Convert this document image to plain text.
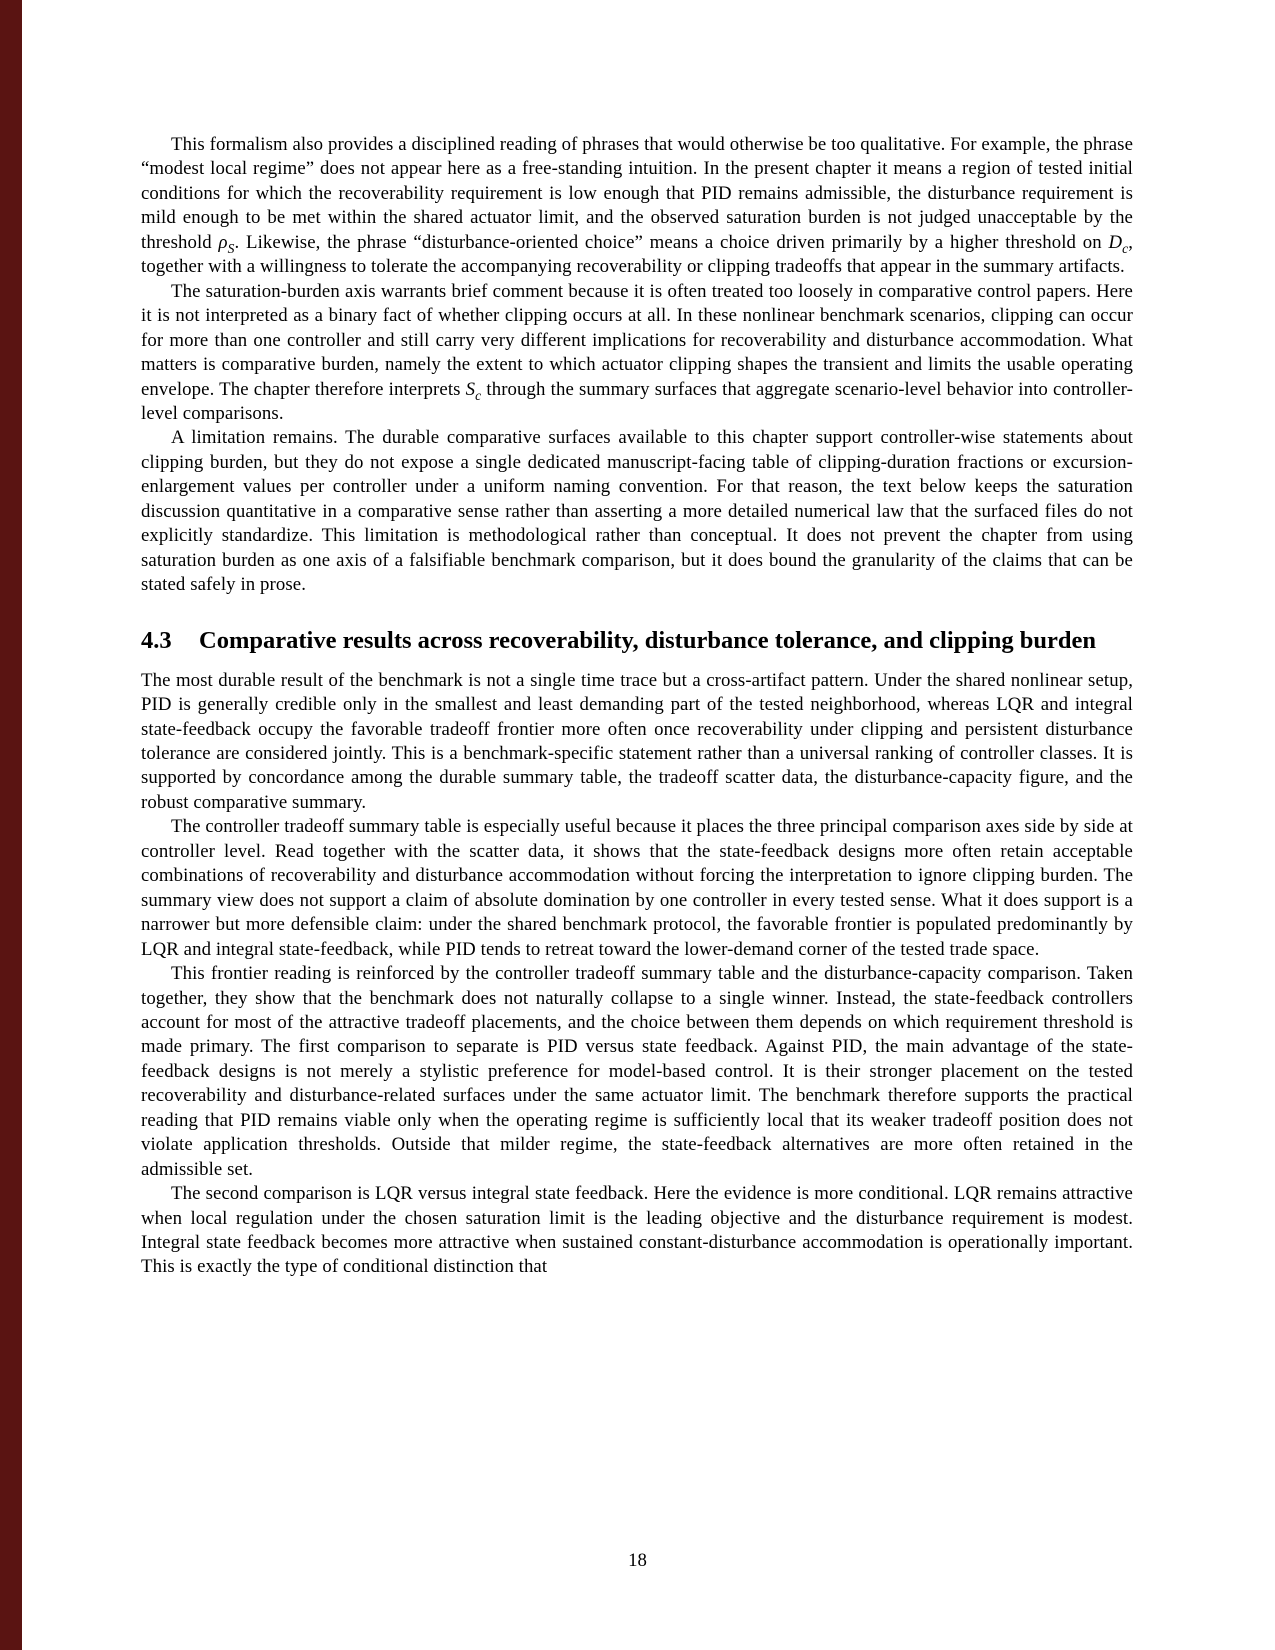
This formalism also provides a disciplined reading of phrases that would otherwise be too qualitative. For example, the phrase “modest local regime” does not appear here as a free-standing intuition. In the present chapter it means a region of tested initial conditions for which the recoverability requirement is low enough that PID remains admissible, the disturbance requirement is mild enough to be met within the shared actuator limit, and the observed saturation burden is not judged unacceptable by the threshold $\rho_S$. Likewise, the phrase “disturbance-oriented choice” means a choice driven primarily by a higher threshold on $D_c$, together with a willingness to tolerate the accompanying recoverability or clipping tradeoffs that appear in the summary artifacts.

The saturation-burden axis warrants brief comment because it is often treated too loosely in comparative control papers. Here it is not interpreted as a binary fact of whether clipping occurs at all. In these nonlinear benchmark scenarios, clipping can occur for more than one controller and still carry very different implications for recoverability and disturbance accommodation. What matters is comparative burden, namely the extent to which actuator clipping shapes the transient and limits the usable operating envelope. The chapter therefore interprets $S_c$ through the summary surfaces that aggregate scenario-level behavior into controller-level comparisons.

A limitation remains. The durable comparative surfaces available to this chapter support controller-wise statements about clipping burden, but they do not expose a single dedicated manuscript-facing table of clipping-duration fractions or excursion-enlargement values per controller under a uniform naming convention. For that reason, the text below keeps the saturation discussion quantitative in a comparative sense rather than asserting a more detailed numerical law that the surfaced files do not explicitly standardize. This limitation is methodological rather than conceptual. It does not prevent the chapter from using saturation burden as one axis of a falsifiable benchmark comparison, but it does bound the granularity of the claims that can be stated safely in prose.

4.3 Comparative results across recoverability, disturbance tolerance, and clipping burden

The most durable result of the benchmark is not a single time trace but a cross-artifact pattern. Under the shared nonlinear setup, PID is generally credible only in the smallest and least demanding part of the tested neighborhood, whereas LQR and integral state-feedback occupy the favorable tradeoff frontier more often once recoverability under clipping and persistent disturbance tolerance are considered jointly. This is a benchmark-specific statement rather than a universal ranking of controller classes. It is supported by concordance among the durable summary table, the tradeoff scatter data, the disturbance-capacity figure, and the robust comparative summary.

The controller tradeoff summary table is especially useful because it places the three principal comparison axes side by side at controller level. Read together with the scatter data, it shows that the state-feedback designs more often retain acceptable combinations of recoverability and disturbance accommodation without forcing the interpretation to ignore clipping burden. The summary view does not support a claim of absolute domination by one controller in every tested sense. What it does support is a narrower but more defensible claim: under the shared benchmark protocol, the favorable frontier is populated predominantly by LQR and integral state-feedback, while PID tends to retreat toward the lower-demand corner of the tested trade space.

This frontier reading is reinforced by the controller tradeoff summary table and the disturbance-capacity comparison. Taken together, they show that the benchmark does not naturally collapse to a single winner. Instead, the state-feedback controllers account for most of the attractive tradeoff placements, and the choice between them depends on which requirement threshold is made primary. The first comparison to separate is PID versus state feedback. Against PID, the main advantage of the state-feedback designs is not merely a stylistic preference for model-based control. It is their stronger placement on the tested recoverability and disturbance-related surfaces under the same actuator limit. The benchmark therefore supports the practical reading that PID remains viable only when the operating regime is sufficiently local that its weaker tradeoff position does not violate application thresholds. Outside that milder regime, the state-feedback alternatives are more often retained in the admissible set.

The second comparison is LQR versus integral state feedback. Here the evidence is more conditional. LQR remains attractive when local regulation under the chosen saturation limit is the leading objective and the disturbance requirement is modest. Integral state feedback becomes more attractive when sustained constant-disturbance accommodation is operationally important. This is exactly the type of conditional distinction that

18
